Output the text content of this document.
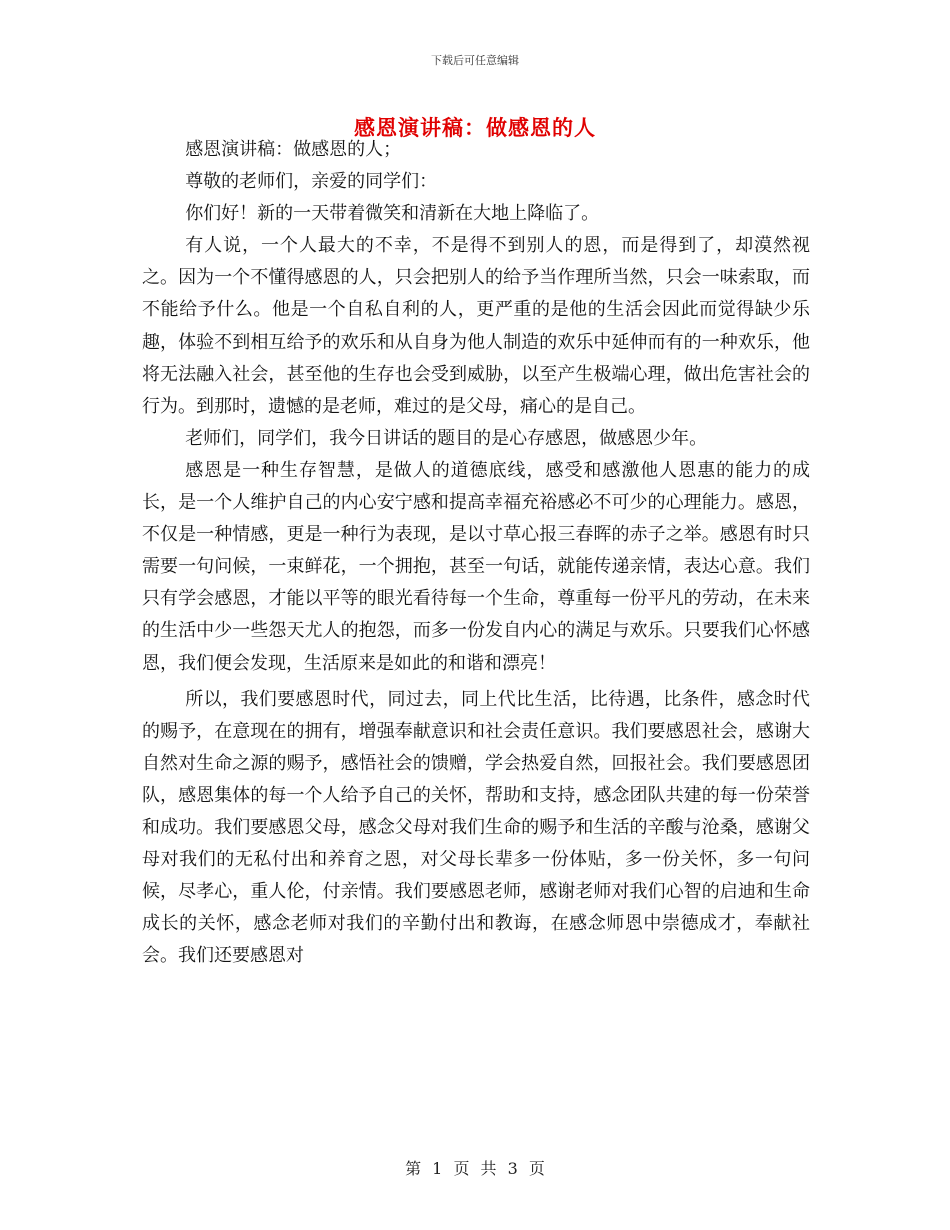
下载后可任意编辑
感恩演讲稿：做感恩的人

感恩演讲稿：做感恩的人；

尊敬的老师们，亲爱的同学们：

你们好！新的一天带着微笑和清新在大地上降临了。

有人说，一个人最大的不幸，不是得不到别人的恩，而是得到了，却漠然视之。因为一个不懂得感恩的人，只会把别人的给予当作理所当然，只会一味索取，而不能给予什么。他是一个自私自利的人，更严重的是他的生活会因此而觉得缺少乐趣，体验不到相互给予的欢乐和从自身为他人制造的欢乐中延伸而有的一种欢乐，他将无法融入社会，甚至他的生存也会受到威胁，以至产生极端心理，做出危害社会的行为。到那时，遗憾的是老师，难过的是父母，痛心的是自己。

老师们，同学们，我今日讲话的题目的是心存感恩，做感恩少年。

感恩是一种生存智慧，是做人的道德底线，感受和感激他人恩惠的能力的成长，是一个人维护自己的内心安宁感和提高幸福充裕感必不可少的心理能力。感恩，不仅是一种情感，更是一种行为表现，是以寸草心报三春晖的赤子之举。感恩有时只需要一句问候，一束鲜花，一个拥抱，甚至一句话，就能传递亲情，表达心意。我们只有学会感恩，才能以平等的眼光看待每一个生命，尊重每一份平凡的劳动，在未来的生活中少一些怨天尤人的抱怨，而多一份发自内心的满足与欢乐。只要我们心怀感恩，我们便会发现，生活原来是如此的和谐和漂亮！

所以，我们要感恩时代，同过去，同上代比生活，比待遇，比条件，感念时代的赐予，在意现在的拥有，增强奉献意识和社会责任意识。我们要感恩社会，感谢大自然对生命之源的赐予，感悟社会的馈赠，学会热爱自然，回报社会。我们要感恩团队，感恩集体的每一个人给予自己的关怀，帮助和支持，感念团队共建的每一份荣誉和成功。我们要感恩父母，感念父母对我们生命的赐予和生活的辛酸与沧桑，感谢父母对我们的无私付出和养育之恩，对父母长辈多一份体贴，多一份关怀，多一句问候，尽孝心，重人伦，付亲情。我们要感恩老师，感谢老师对我们心智的启迪和生命成长的关怀，感念老师对我们的辛勤付出和教诲，在感念师恩中崇德成才，奉献社会。我们还要感恩对

第 1 页 共 3 页
